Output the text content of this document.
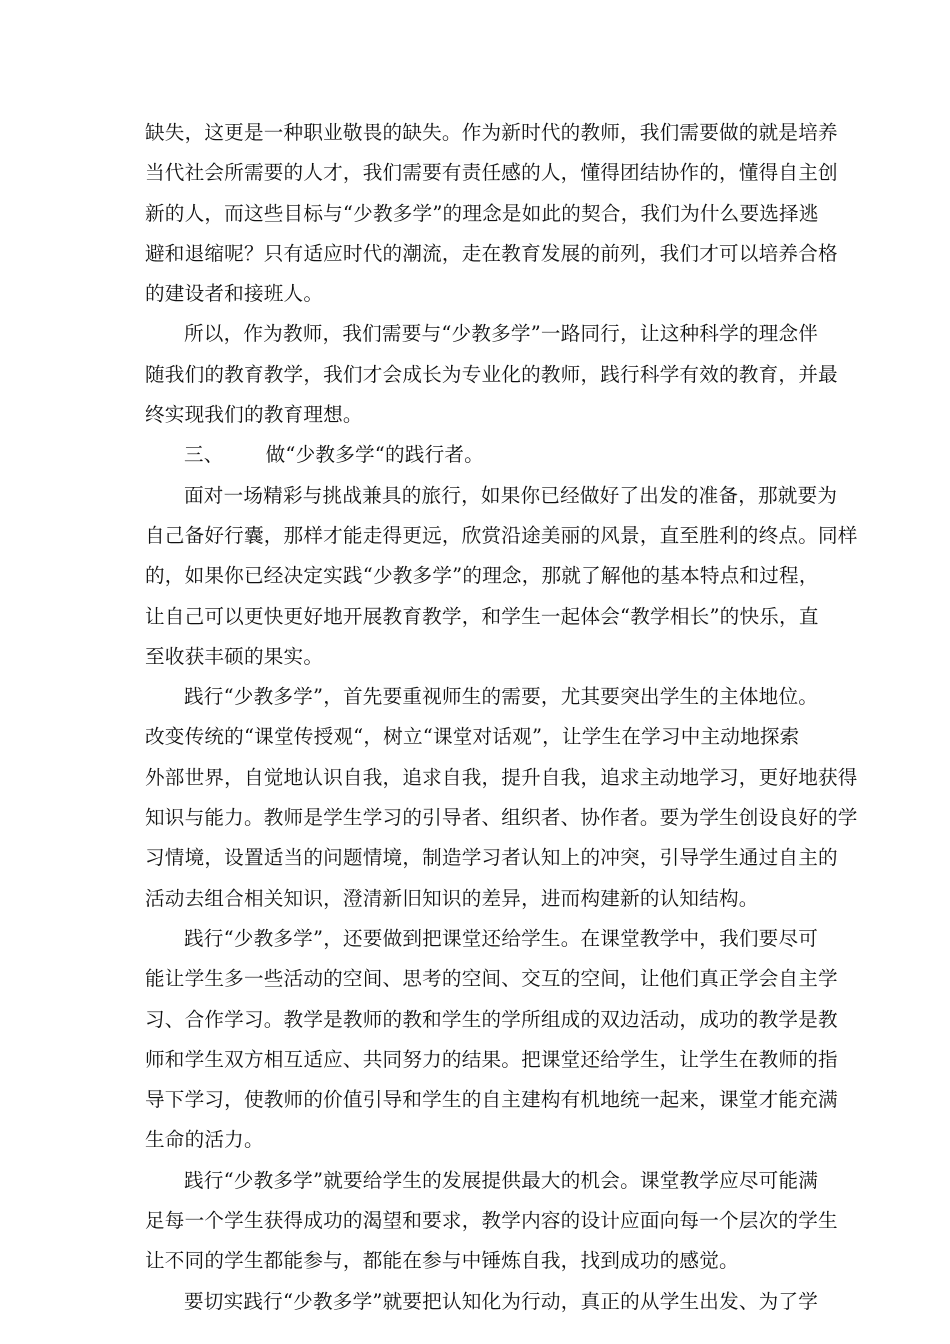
缺失，这更是一种职业敬畏的缺失。作为新时代的教师，我们需要做的就是培养
当代社会所需要的人才，我们需要有责任感的人，懂得团结协作的，懂得自主创
新的人，而这些目标与“少教多学”的理念是如此的契合，我们为什么要选择逃
避和退缩呢？只有适应时代的潮流，走在教育发展的前列，我们才可以培养合格
的建设者和接班人。

所以，作为教师，我们需要与“少教多学”一路同行，让这种科学的理念伴
随我们的教育教学，我们才会成长为专业化的教师，践行科学有效的教育，并最
终实现我们的教育理想。

三、 做“少教多学“的践行者。

面对一场精彩与挑战兼具的旅行，如果你已经做好了出发的准备，那就要为
自己备好行囊，那样才能走得更远，欣赏沿途美丽的风景，直至胜利的终点。同样
的，如果你已经决定实践“少教多学”的理念，那就了解他的基本特点和过程，
让自己可以更快更好地开展教育教学，和学生一起体会“教学相长”的快乐，直
至收获丰硕的果实。

践行“少教多学”，首先要重视师生的需要，尤其要突出学生的主体地位。
改变传统的“课堂传授观“，树立“课堂对话观”，让学生在学习中主动地探索
外部世界，自觉地认识自我，追求自我，提升自我，追求主动地学习，更好地获得
知识与能力。教师是学生学习的引导者、组织者、协作者。要为学生创设良好的学
习情境，设置适当的问题情境，制造学习者认知上的冲突，引导学生通过自主的
活动去组合相关知识，澄清新旧知识的差异，进而构建新的认知结构。

践行“少教多学”，还要做到把课堂还给学生。在课堂教学中，我们要尽可
能让学生多一些活动的空间、思考的空间、交互的空间，让他们真正学会自主学
习、合作学习。教学是教师的教和学生的学所组成的双边活动，成功的教学是教
师和学生双方相互适应、共同努力的结果。把课堂还给学生，让学生在教师的指
导下学习，使教师的价值引导和学生的自主建构有机地统一起来，课堂才能充满
生命的活力。

践行“少教多学”就要给学生的发展提供最大的机会。课堂教学应尽可能满
足每一个学生获得成功的渴望和要求，教学内容的设计应面向每一个层次的学生
让不同的学生都能参与，都能在参与中锤炼自我，找到成功的感觉。

要切实践行“少教多学”就要把认知化为行动，真正的从学生出发、为了学
